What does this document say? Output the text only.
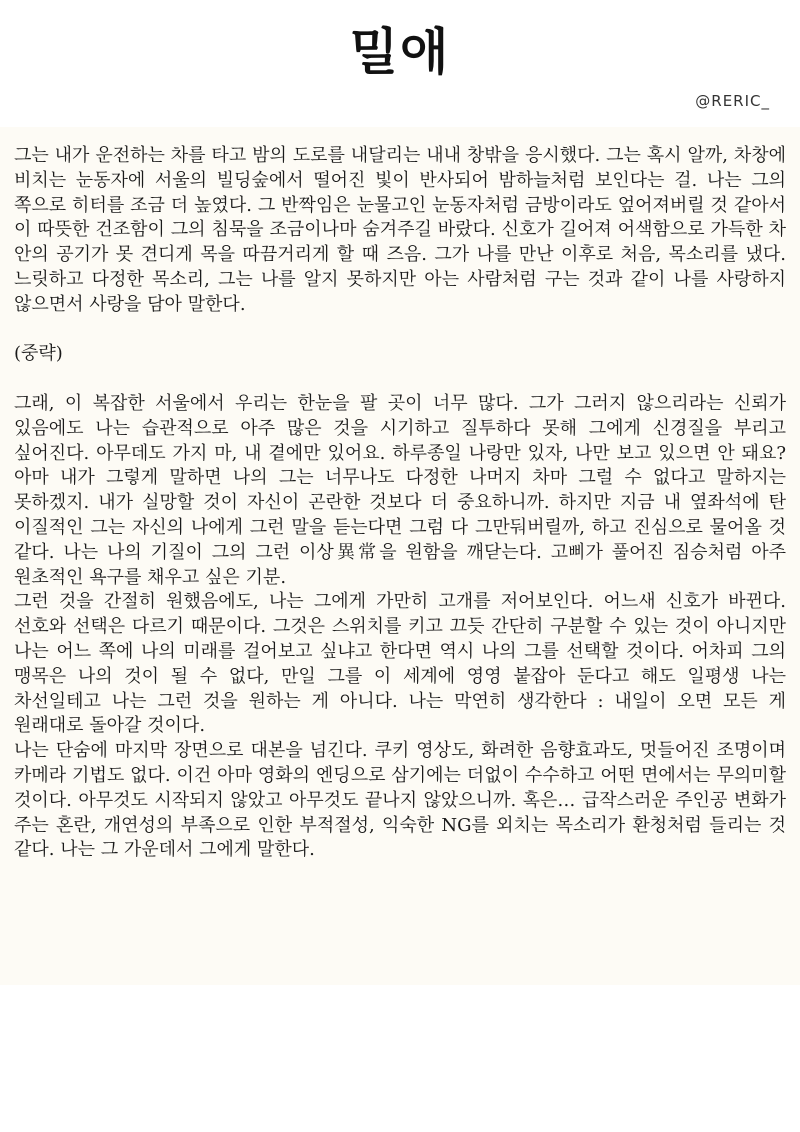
밀애
@RERIC_

그는 내가 운전하는 차를 타고 밤의 도로를 내달리는 내내 창밖을 응시했다. 그는 혹시 알까, 차창에 비치는 눈동자에 서울의 빌딩숲에서 떨어진 빛이 반사되어 밤하늘처럼 보인다는 걸. 나는 그의 쪽으로 히터를 조금 더 높였다. 그 반짝임은 눈물고인 눈동자처럼 금방이라도 엎어져버릴 것 같아서 이 따뜻한 건조함이 그의 침묵을 조금이나마 숨겨주길 바랐다. 신호가 길어져 어색함으로 가득한 차 안의 공기가 못 견디게 목을 따끔거리게 할 때 즈음. 그가 나를 만난 이후로 처음, 목소리를 냈다. 느릿하고 다정한 목소리, 그는 나를 알지 못하지만 아는 사람처럼 구는 것과 같이 나를 사랑하지 않으면서 사랑을 담아 말한다.

(중략)

그래, 이 복잡한 서울에서 우리는 한눈을 팔 곳이 너무 많다. 그가 그러지 않으리라는 신뢰가 있음에도 나는 습관적으로 아주 많은 것을 시기하고 질투하다 못해 그에게 신경질을 부리고 싶어진다. 아무데도 가지 마, 내 곁에만 있어요. 하루종일 나랑만 있자, 나만 보고 있으면 안 돼요? 아마 내가 그렇게 말하면 나의 그는 너무나도 다정한 나머지 차마 그럴 수 없다고 말하지는 못하겠지. 내가 실망할 것이 자신이 곤란한 것보다 더 중요하니까. 하지만 지금 내 옆좌석에 탄 이질적인 그는 자신의 나에게 그런 말을 듣는다면 그럼 다 그만둬버릴까, 하고 진심으로 물어올 것 같다. 나는 나의 기질이 그의 그런 이상異常을 원함을 깨닫는다. 고삐가 풀어진 짐승처럼 아주 원초적인 욕구를 채우고 싶은 기분.

그런 것을 간절히 원했음에도, 나는 그에게 가만히 고개를 저어보인다. 어느새 신호가 바뀐다. 선호와 선택은 다르기 때문이다. 그것은 스위치를 키고 끄듯 간단히 구분할 수 있는 것이 아니지만 나는 어느 쪽에 나의 미래를 걸어보고 싶냐고 한다면 역시 나의 그를 선택할 것이다. 어차피 그의 맹목은 나의 것이 될 수 없다, 만일 그를 이 세계에 영영 붙잡아 둔다고 해도 일평생 나는 차선일테고 나는 그런 것을 원하는 게 아니다. 나는 막연히 생각한다 : 내일이 오면 모든 게 원래대로 돌아갈 것이다.

나는 단숨에 마지막 장면으로 대본을 넘긴다. 쿠키 영상도, 화려한 음향효과도, 멋들어진 조명이며 카메라 기법도 없다. 이건 아마 영화의 엔딩으로 삼기에는 더없이 수수하고 어떤 면에서는 무의미할 것이다. 아무것도 시작되지 않았고 아무것도 끝나지 않았으니까. 혹은… 급작스러운 주인공 변화가 주는 혼란, 개연성의 부족으로 인한 부적절성, 익숙한 NG를 외치는 목소리가 환청처럼 들리는 것 같다. 나는 그 가운데서 그에게 말한다.
